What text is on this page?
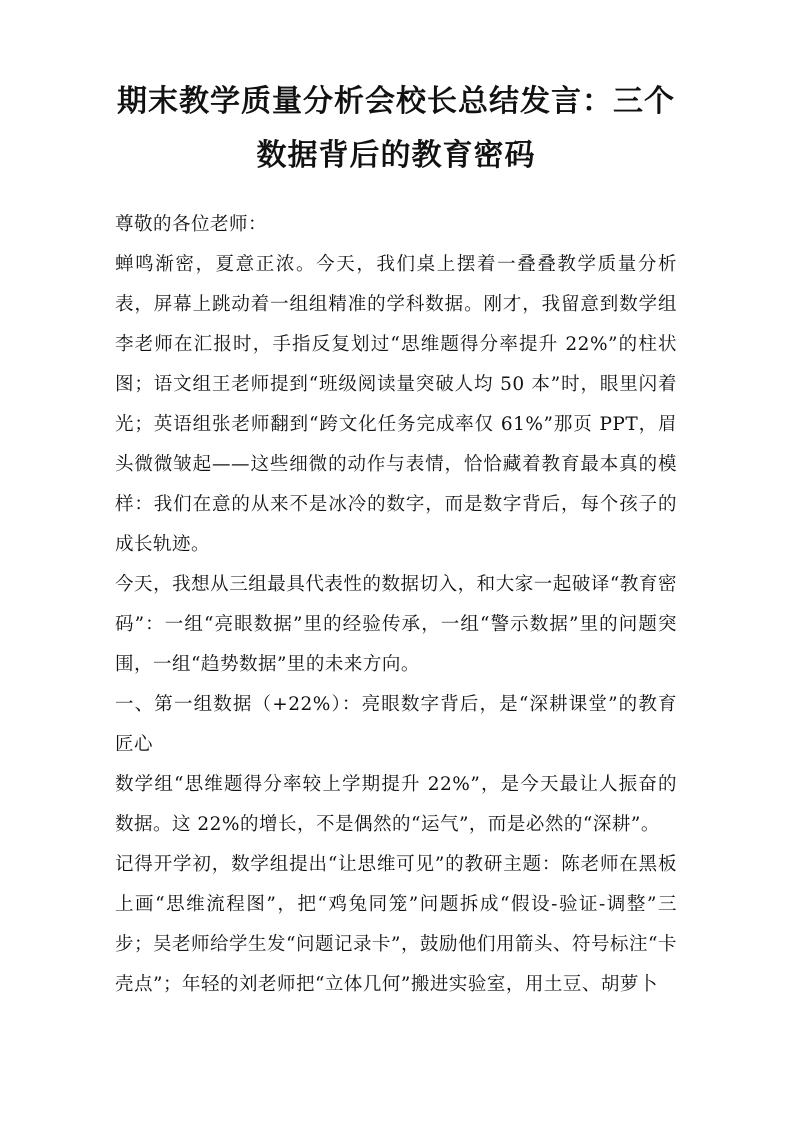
期末教学质量分析会校长总结发言：三个数据背后的教育密码

尊敬的各位老师：

蝉鸣渐密，夏意正浓。今天，我们桌上摆着一叠叠教学质量分析表，屏幕上跳动着一组组精准的学科数据。刚才，我留意到数学组李老师在汇报时，手指反复划过“思维题得分率提升 22%”的柱状图；语文组王老师提到“班级阅读量突破人均 50 本”时，眼里闪着光；英语组张老师翻到“跨文化任务完成率仅 61%”那页 PPT，眉头微微皱起——这些细微的动作与表情，恰恰藏着教育最本真的模样：我们在意的从来不是冰冷的数字，而是数字背后，每个孩子的成长轨迹。

今天，我想从三组最具代表性的数据切入，和大家一起破译“教育密码”：一组“亮眼数据”里的经验传承，一组“警示数据”里的问题突围，一组“趋势数据”里的未来方向。

一、第一组数据（+22%）：亮眼数字背后，是“深耕课堂”的教育匠心

数学组“思维题得分率较上学期提升 22%”，是今天最让人振奋的数据。这 22%的增长，不是偶然的“运气”，而是必然的“深耕”。

记得开学初，数学组提出“让思维可见”的教研主题：陈老师在黑板上画“思维流程图”，把“鸡兔同笼”问题拆成“假设-验证-调整”三步；吴老师给学生发“问题记录卡”，鼓励他们用箭头、符号标注“卡壳点”；年轻的刘老师把“立体几何”搬进实验室，用土豆、胡萝卜
